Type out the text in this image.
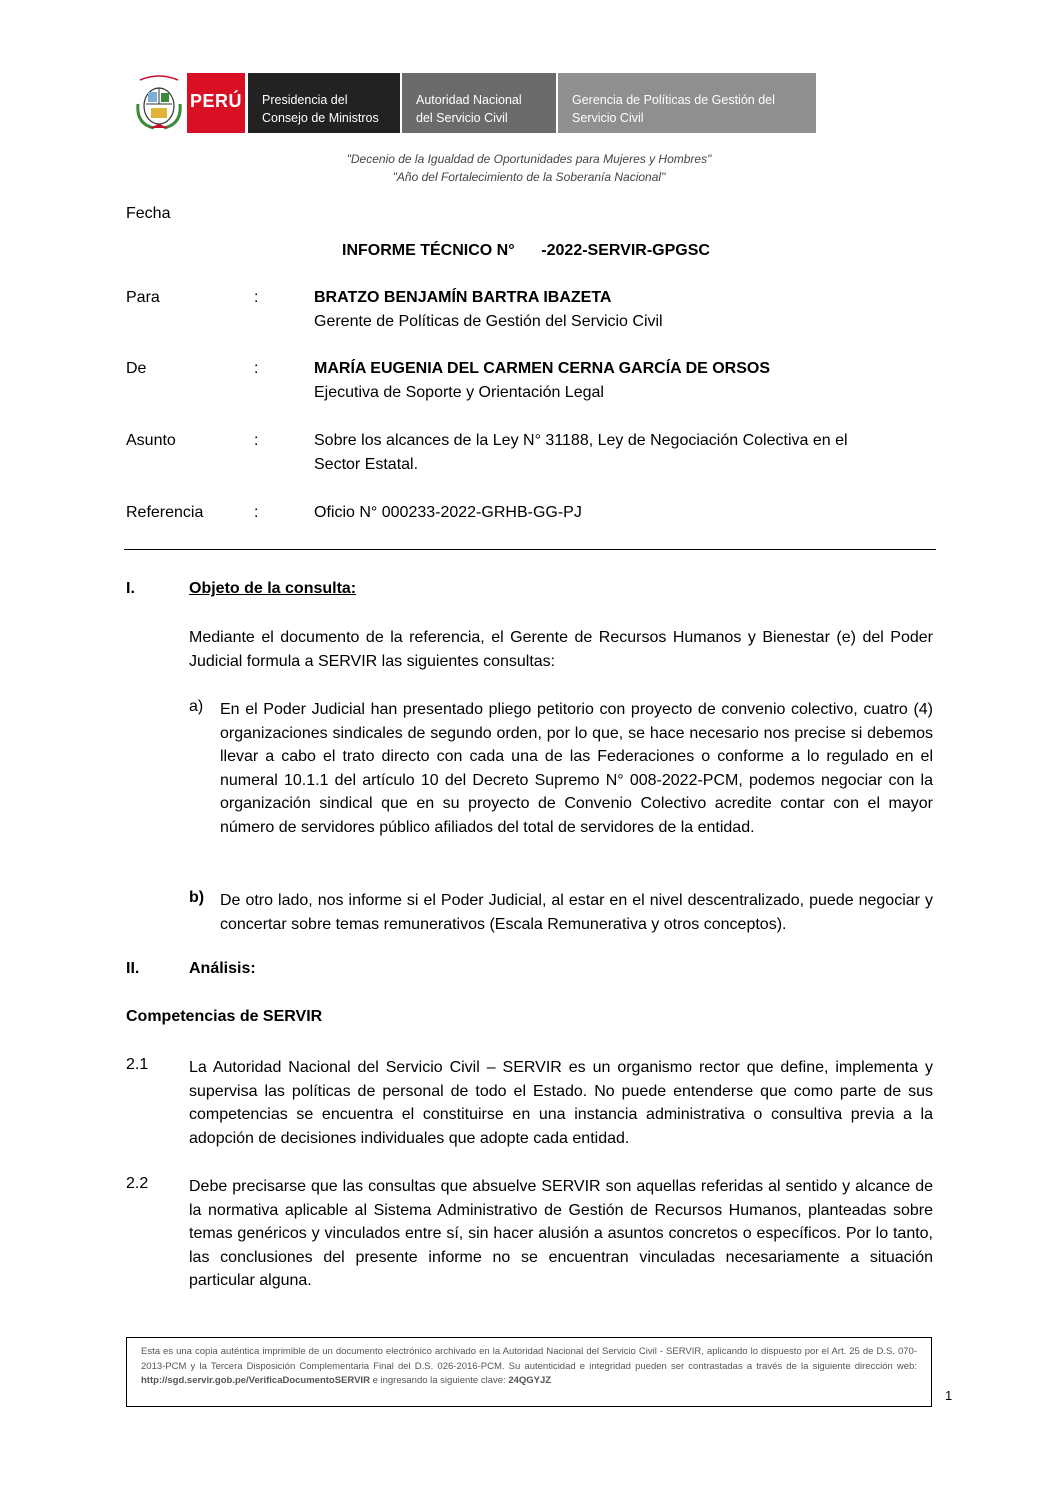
PERÚ Presidencia del
Consejo de Ministros
Autoridad Nacional
del Servicio Civil
Gerencia de Políticas de Gestión del
Servicio Civil
"Decenio de la Igualdad de Oportunidades para Mujeres y Hombres"
"Año del Fortalecimiento de la Soberanía Nacional"
Fecha
INFORME TÉCNICO N°      -2022-SERVIR-GPGSC
Para	:	BRATZO BENJAMÍN BARTRA IBAZETA
Gerente de Políticas de Gestión del Servicio Civil
De	:	MARÍA EUGENIA DEL CARMEN CERNA GARCÍA DE ORSOS
Ejecutiva de Soporte y Orientación Legal
Asunto	:	Sobre los alcances de la Ley N° 31188, Ley de Negociación Colectiva en el
Sector Estatal.
Referencia	:	Oficio N° 000233-2022-GRHB-GG-PJ
I.	Objeto de la consulta:
Mediante el documento de la referencia, el Gerente de Recursos Humanos y Bienestar (e) del Poder Judicial formula a SERVIR las siguientes consultas:
a) En el Poder Judicial han presentado pliego petitorio con proyecto de convenio colectivo, cuatro (4) organizaciones sindicales de segundo orden, por lo que, se hace necesario nos precise si debemos llevar a cabo el trato directo con cada una de las Federaciones o conforme a lo regulado en el numeral 10.1.1 del artículo 10 del Decreto Supremo N° 008-2022-PCM, podemos negociar con la organización sindical que en su proyecto de Convenio Colectivo acredite contar con el mayor número de servidores público afiliados del total de servidores de la entidad.
b) De otro lado, nos informe si el Poder Judicial, al estar en el nivel descentralizado, puede negociar y concertar sobre temas remunerativos (Escala Remunerativa y otros conceptos).
II.	Análisis:
Competencias de SERVIR
2.1	La Autoridad Nacional del Servicio Civil – SERVIR es un organismo rector que define, implementa y supervisa las políticas de personal de todo el Estado. No puede entenderse que como parte de sus competencias se encuentra el constituirse en una instancia administrativa o consultiva previa a la adopción de decisiones individuales que adopte cada entidad.
2.2	Debe precisarse que las consultas que absuelve SERVIR son aquellas referidas al sentido y alcance de la normativa aplicable al Sistema Administrativo de Gestión de Recursos Humanos, planteadas sobre temas genéricos y vinculados entre sí, sin hacer alusión a asuntos concretos o específicos. Por lo tanto, las conclusiones del presente informe no se encuentran vinculadas necesariamente a situación particular alguna.
Esta es una copia auténtica imprimible de un documento electrónico archivado en la Autoridad Nacional del Servicio Civil - SERVIR, aplicando lo dispuesto por el Art. 25 de D.S. 070-2013-PCM y la Tercera Disposición Complementaria Final del D.S. 026-2016-PCM. Su autenticidad e integridad pueden ser contrastadas a través de la siguiente dirección web: http://sgd.servir.gob.pe/VerificaDocumentoSERVIR e ingresando la siguiente clave: 24QGYJZ
1
